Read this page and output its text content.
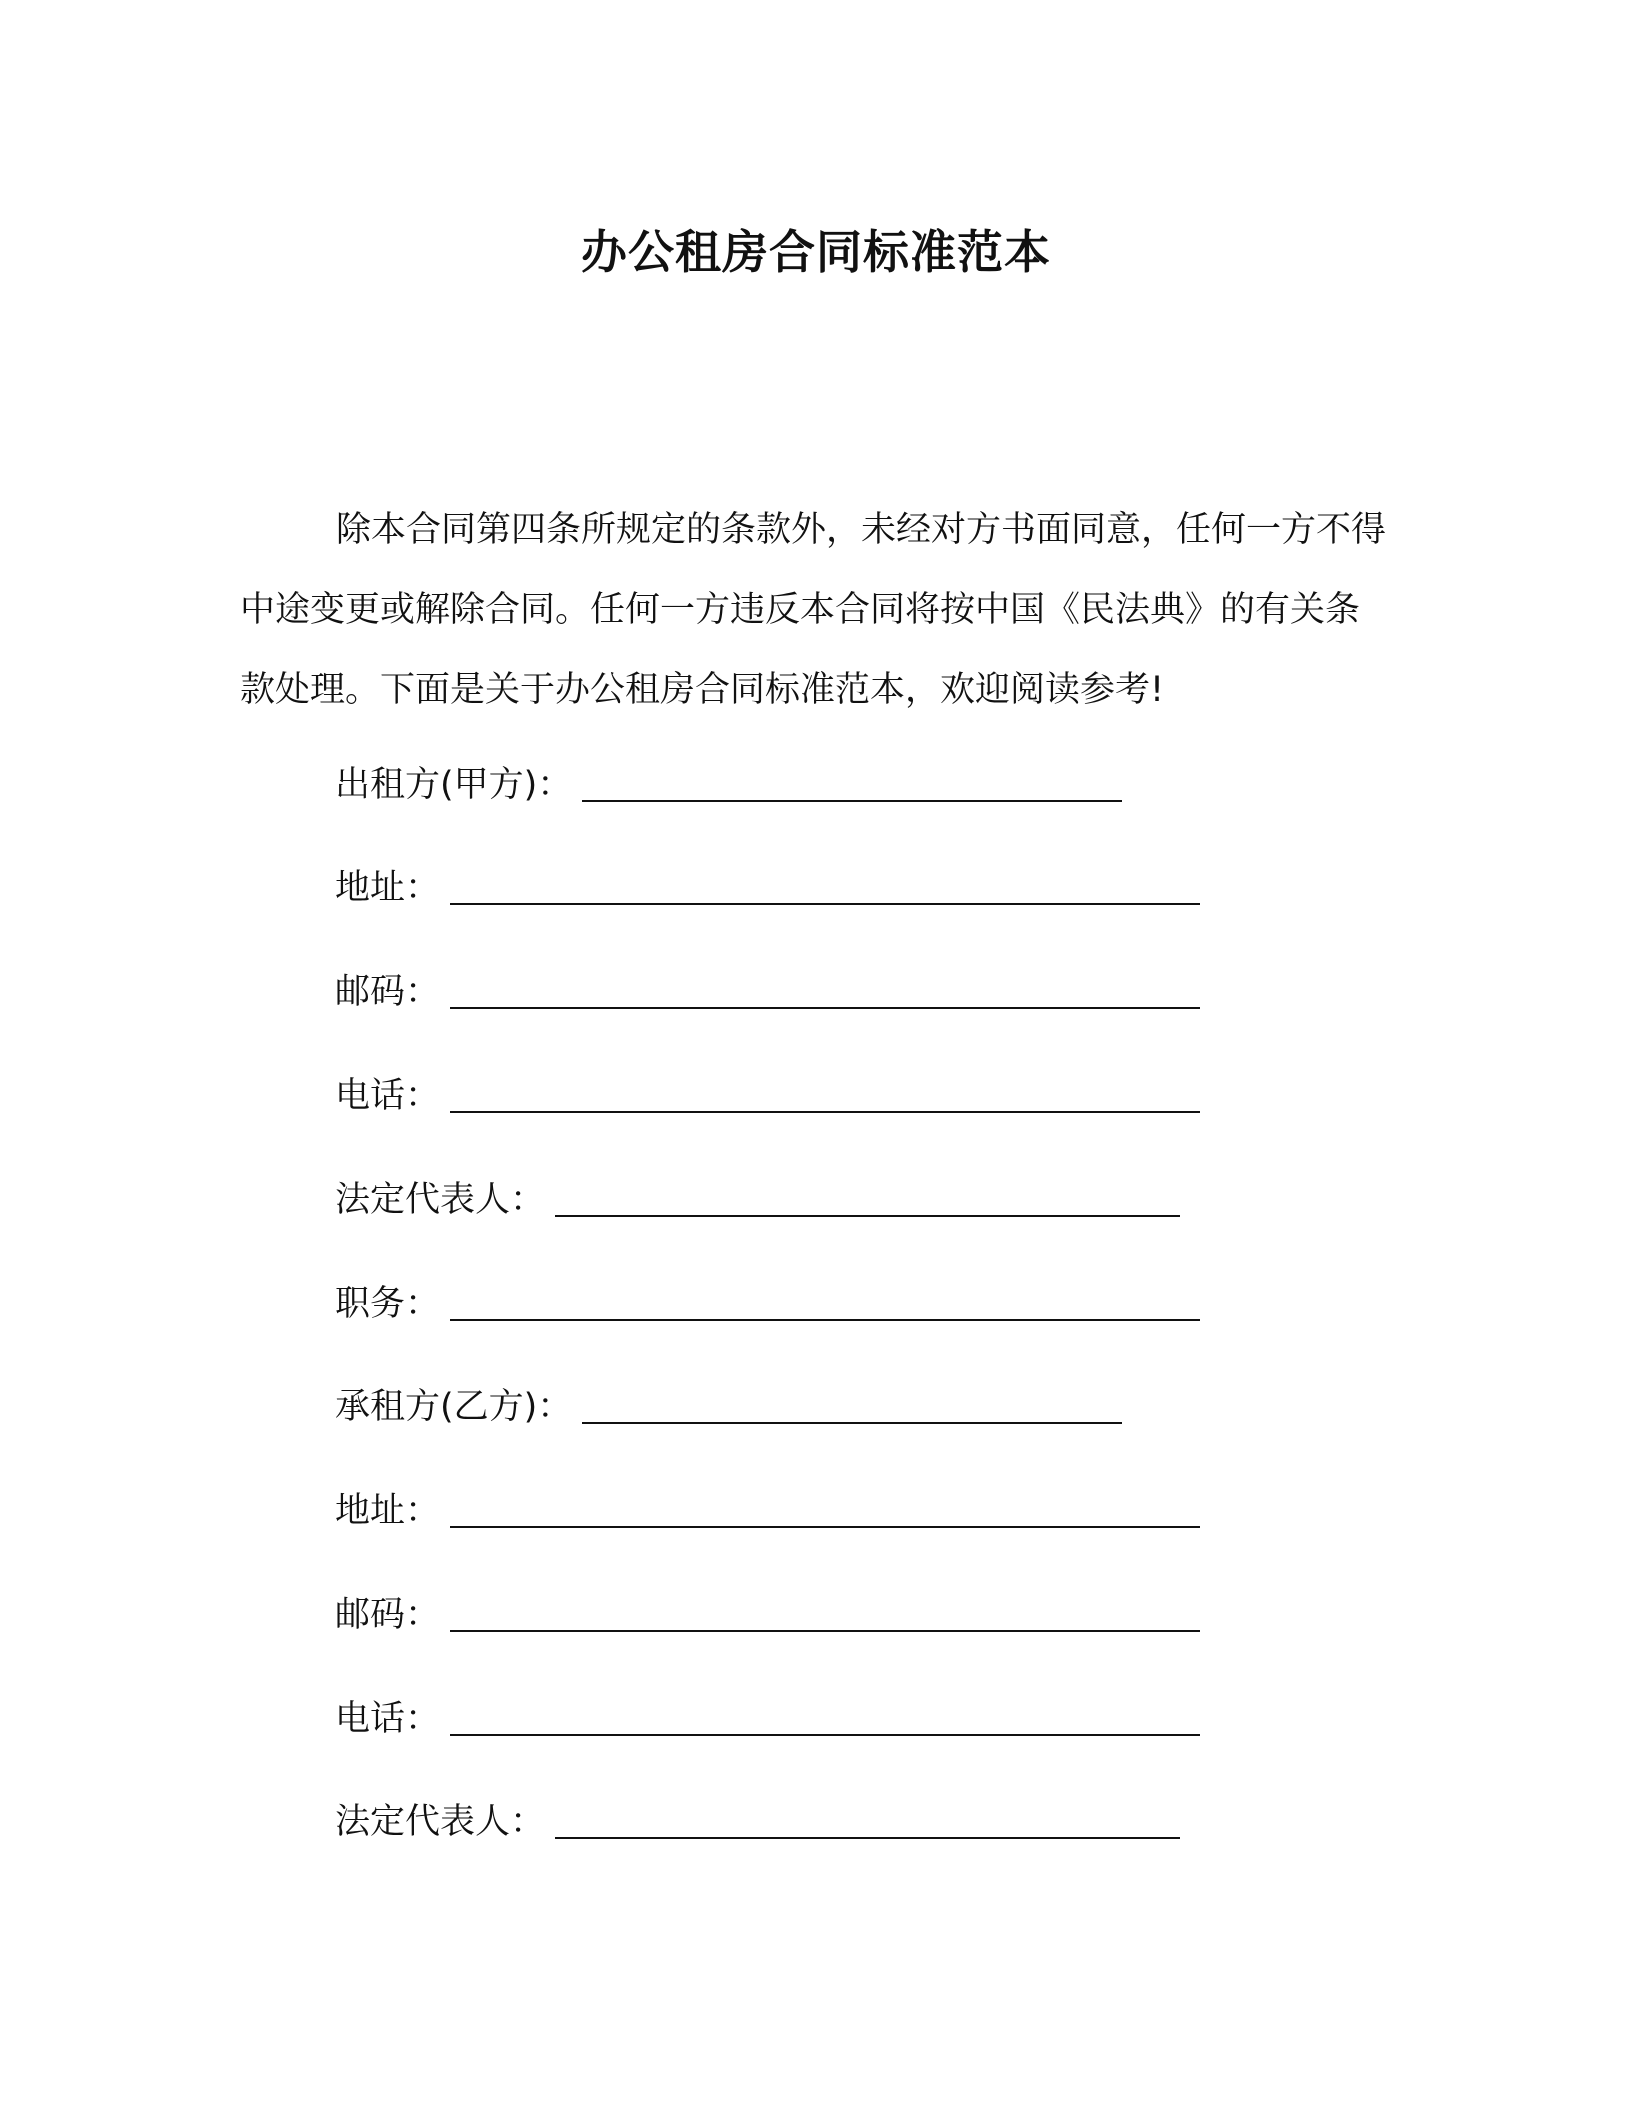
办公租房合同标准范本

除本合同第四条所规定的条款外，未经对方书面同意，任何一方不得中途变更或解除合同。任何一方违反本合同将按中国《民法典》的有关条款处理。下面是关于办公租房合同标准范本，欢迎阅读参考!

出租方(甲方)：
地址：
邮码：
电话：
法定代表人：
职务：
承租方(乙方)：
地址：
邮码：
电话：
法定代表人：
